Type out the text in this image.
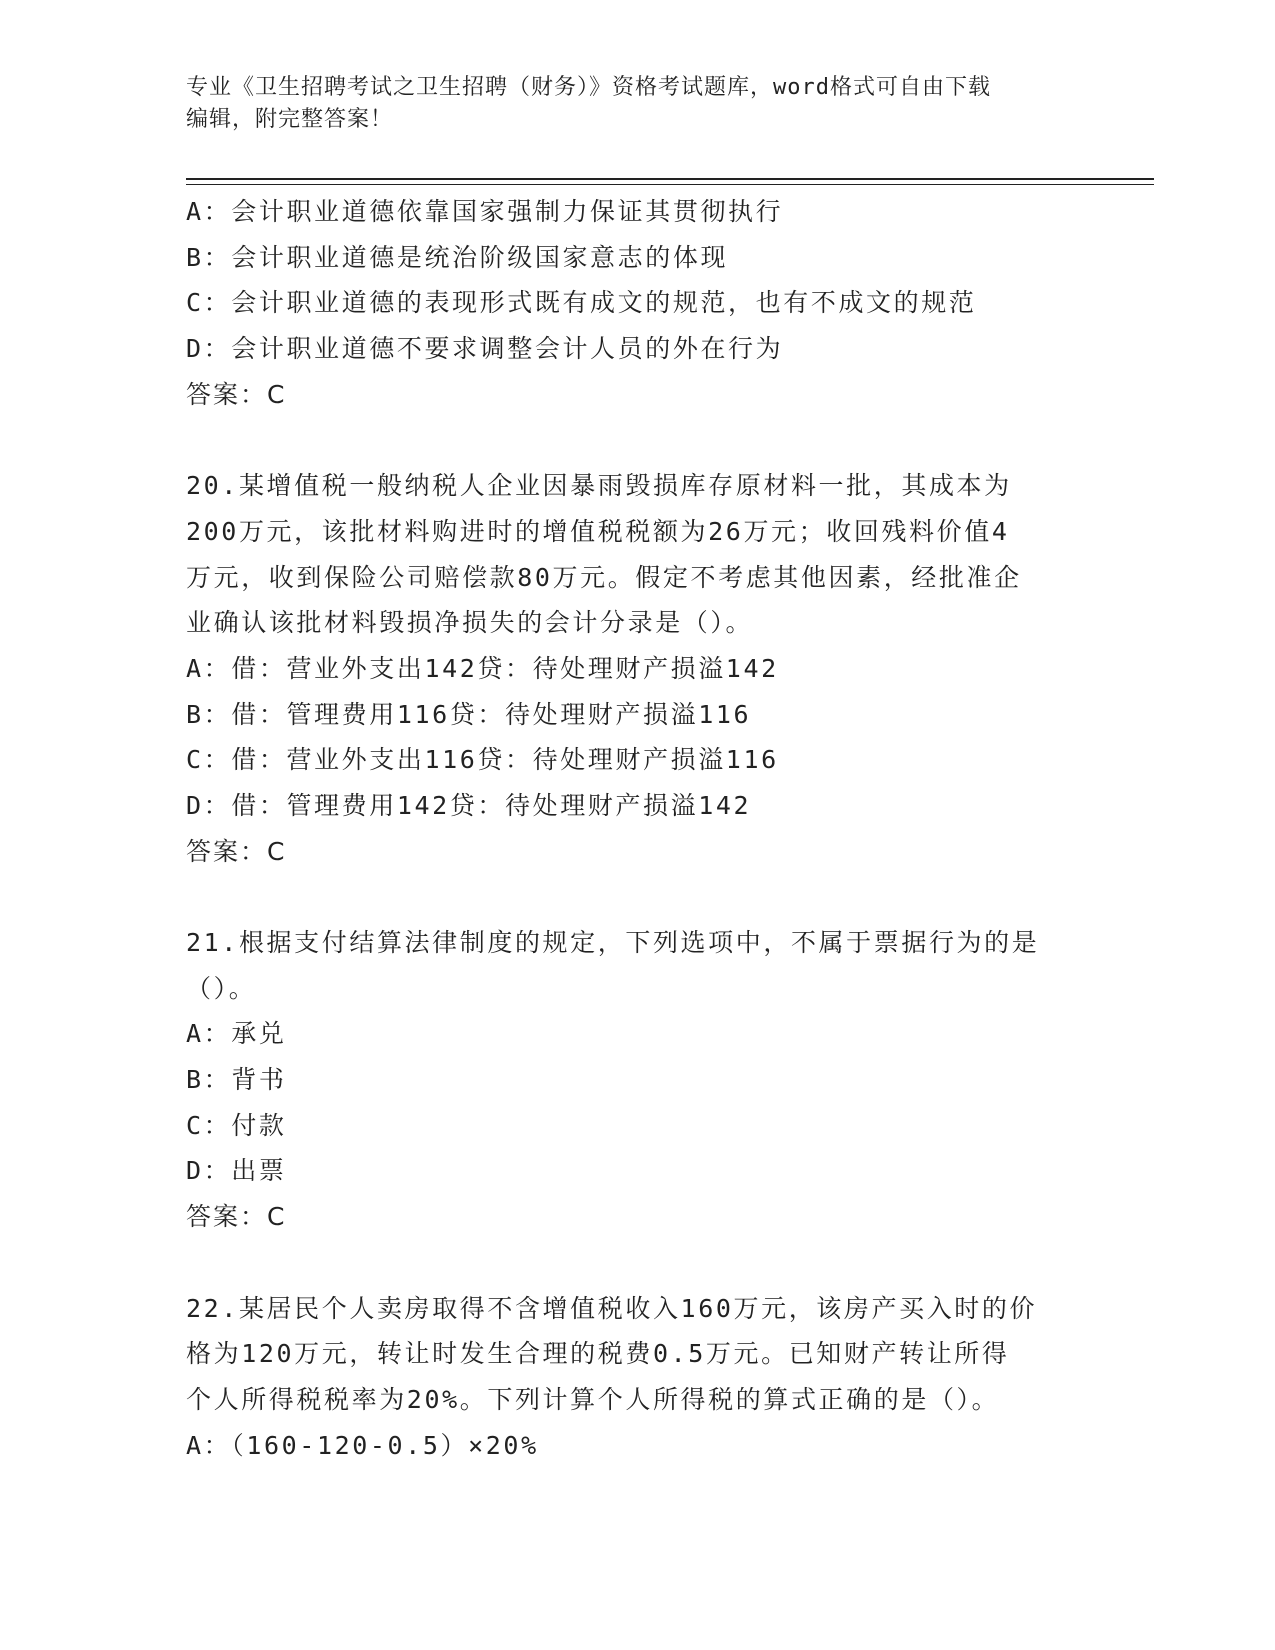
专业《卫生招聘考试之卫生招聘（财务）》资格考试题库，word格式可自由下载
编辑，附完整答案！
A：会计职业道德依靠国家强制力保证其贯彻执行
B：会计职业道德是统治阶级国家意志的体现
C：会计职业道德的表现形式既有成文的规范，也有不成文的规范
D：会计职业道德不要求调整会计人员的外在行为
答案：C
20.某增值税一般纳税人企业因暴雨毁损库存原材料一批，其成本为
200万元，该批材料购进时的增值税税额为26万元；收回残料价值4
万元，收到保险公司赔偿款80万元。假定不考虑其他因素，经批准企
业确认该批材料毁损净损失的会计分录是（）。
A：借：营业外支出142贷：待处理财产损溢142
B：借：管理费用116贷：待处理财产损溢116
C：借：营业外支出116贷：待处理财产损溢116
D：借：管理费用142贷：待处理财产损溢142
答案：C
21.根据支付结算法律制度的规定，下列选项中，不属于票据行为的是
（）。
A：承兑
B：背书
C：付款
D：出票
答案：C
22.某居民个人卖房取得不含增值税收入160万元，该房产买入时的价
格为120万元，转让时发生合理的税费0.5万元。已知财产转让所得
个人所得税税率为20%。下列计算个人所得税的算式正确的是（）。
A：（160-120-0.5）×20%
